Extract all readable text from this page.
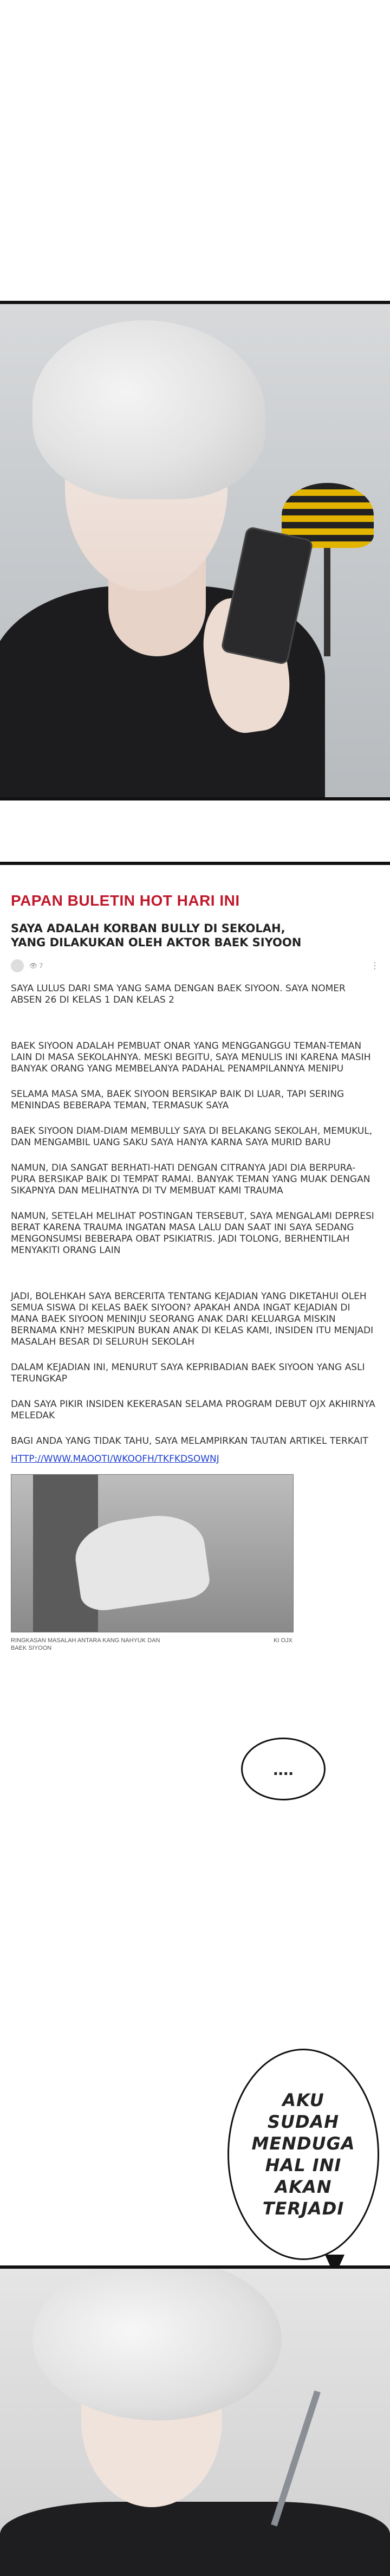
PAPAN BULETIN HOT HARI INI
SAYA ADALAH KORBAN BULLY DI SEKOLAH,
YANG DILAKUKAN OLEH AKTOR BAEK SIYOON
👁 7	⋮

SAYA LULUS DARI SMA YANG SAMA DENGAN BAEK SIYOON. SAYA NOMER ABSEN 26 DI KELAS 1 DAN KELAS 2

BAEK SIYOON ADALAH PEMBUAT ONAR YANG MENGGANGGU TEMAN-TEMAN LAIN DI MASA SEKOLAHNYA. MESKI BEGITU, SAYA MENULIS INI KARENA MASIH BANYAK ORANG YANG MEMBELANYA PADAHAL PENAMPILANNYA MENIPU

SELAMA MASA SMA, BAEK SIYOON BERSIKAP BAIK DI LUAR, TAPI SERING MENINDAS BEBERAPA TEMAN, TERMASUK SAYA

BAEK SIYOON DIAM-DIAM MEMBULLY SAYA DI BELAKANG SEKOLAH, MEMUKUL, DAN MENGAMBIL UANG SAKU SAYA HANYA KARNA SAYA MURID BARU

NAMUN, DIA SANGAT BERHATI-HATI DENGAN CITRANYA JADI DIA BERPURA-PURA BERSIKAP BAIK DI TEMPAT RAMAI. BANYAK TEMAN YANG MUAK DENGAN SIKAPNYA DAN MELIHATNYA DI TV MEMBUAT KAMI TRAUMA

NAMUN, SETELAH MELIHAT POSTINGAN TERSEBUT, SAYA MENGALAMI DEPRESI BERAT KARENA TRAUMA INGATAN MASA LALU DAN SAAT INI SAYA SEDANG MENGONSUMSI BEBERAPA OBAT PSIKIATRIS. JADI TOLONG, BERHENTILAH MENYAKITI ORANG LAIN

JADI, BOLEHKAH SAYA BERCERITA TENTANG KEJADIAN YANG DIKETAHUI OLEH SEMUA SISWA DI KELAS BAEK SIYOON? APAKAH ANDA INGAT KEJADIAN DI MANA BAEK SIYOON MENINJU SEORANG ANAK DARI KELUARGA MISKIN BERNAMA KNH? MESKIPUN BUKAN ANAK DI KELAS KAMI, INSIDEN ITU MENJADI MASALAH BESAR DI SELURUH SEKOLAH

DALAM KEJADIAN INI, MENURUT SAYA KEPRIBADIAN BAEK SIYOON YANG ASLI TERUNGKAP

DAN SAYA PIKIR INSIDEN KEKERASAN SELAMA PROGRAM DEBUT OJX AKHIRNYA MELEDAK

BAGI ANDA YANG TIDAK TAHU, SAYA MELAMPIRKAN TAUTAN ARTIKEL TERKAIT

HTTP://WWW.MAOOTI/WKOOFH/TKFKDSOWNJ
RINGKASAN MASALAH ANTARA KANG NAHYUK DAN BAEK SIYOON
KI OJX
....
AKU SUDAH MENDUGA HAL INI AKAN TERJADI
